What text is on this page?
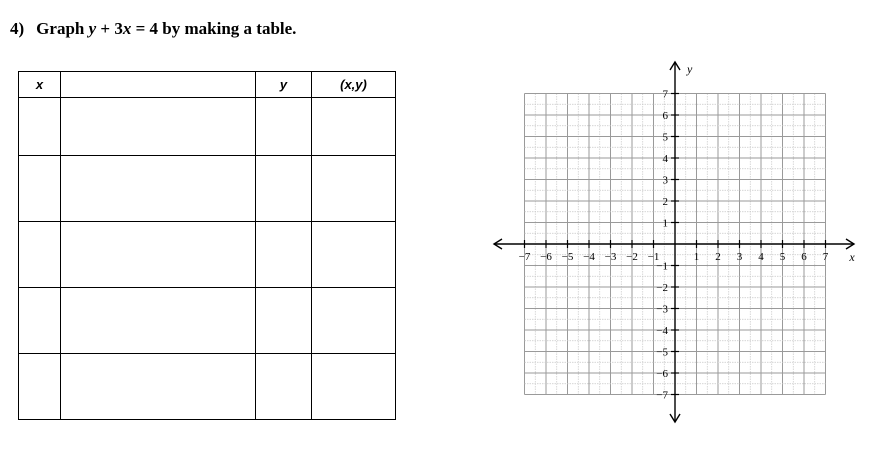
4) Graph y + 3x = 4 by making a table.
x		y	(x,y)

−7 −6 −5 −4 −3 −2 −1	1 2 3 4 5 6 7
7
6
5
4
3
2
1
−1
−2
−3
−4
−5
−6
−7
x
y
